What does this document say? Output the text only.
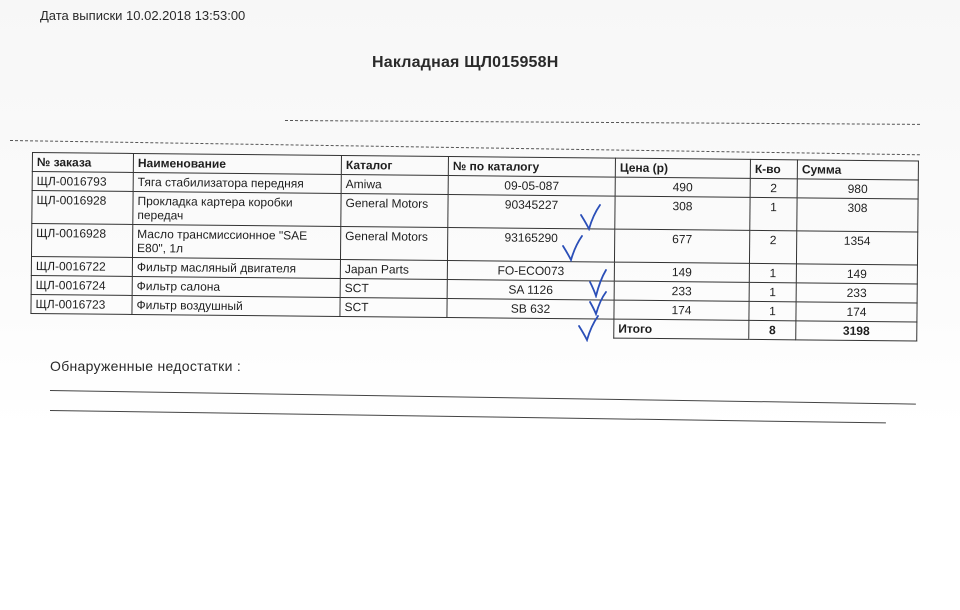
Дата выписки 10.02.2018 13:53:00
Накладная ЩЛ015958Н
№ заказа	Наименование	Каталог	№ по каталогу	Цена (р)	К-во	Сумма
ЩЛ-0016793	Тяга стабилизатора передняя	Amiwa	09-05-087	490	2	980
ЩЛ-0016928	Прокладка картера коробки передач	General Motors	90345227	308	1	308
ЩЛ-0016928	Масло трансмиссионное "SAE E80", 1л	General Motors	93165290	677	2	1354
ЩЛ-0016722	Фильтр масляный двигателя	Japan Parts	FO-ECO073	149	1	149
ЩЛ-0016724	Фильтр салона	SCT	SA 1126	233	1	233
ЩЛ-0016723	Фильтр воздушный	SCT	SB 632	174	1	174
				Итого	8	3198
Обнаруженные недостатки :
